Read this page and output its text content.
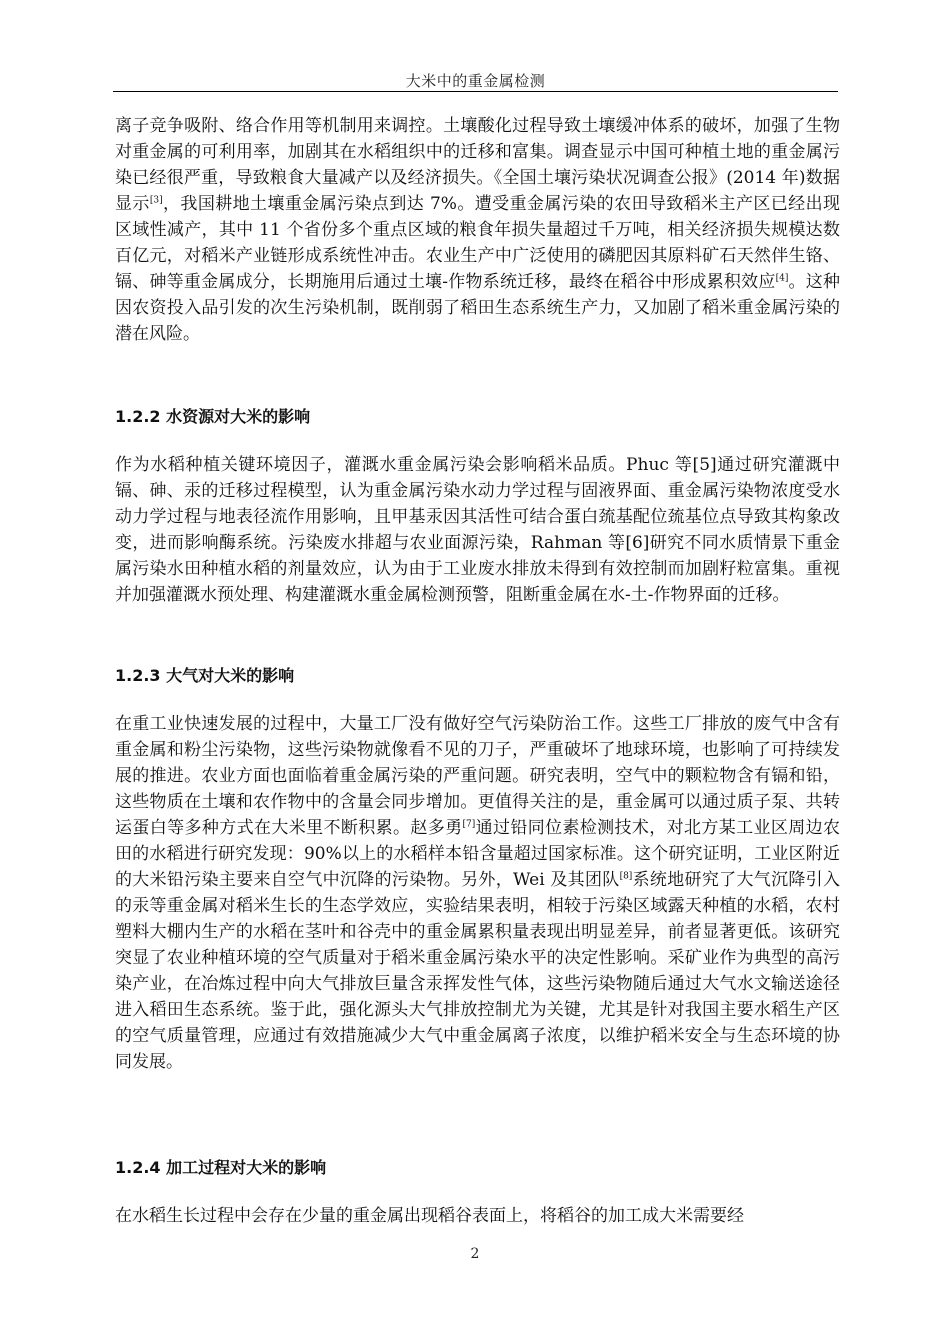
大米中的重金属检测

离子竞争吸附、络合作用等机制用来调控。土壤酸化过程导致土壤缓冲体系的破坏，加强了生物对重金属的可利用率，加剧其在水稻组织中的迁移和富集。调查显示中国可种植土地的重金属污染已经很严重，导致粮食大量减产以及经济损失。《全国土壤污染状况调查公报》(2014 年)数据显示[3]，我国耕地土壤重金属污染点到达 7%。遭受重金属污染的农田导致稻米主产区已经出现区域性减产，其中 11 个省份多个重点区域的粮食年损失量超过千万吨，相关经济损失规模达数百亿元，对稻米产业链形成系统性冲击。农业生产中广泛使用的磷肥因其原料矿石天然伴生铬、镉、砷等重金属成分，长期施用后通过土壤-作物系统迁移，最终在稻谷中形成累积效应[4]。这种因农资投入品引发的次生污染机制，既削弱了稻田生态系统生产力，又加剧了稻米重金属污染的潜在风险。

1.2.2 水资源对大米的影响

作为水稻种植关键环境因子，灌溉水重金属污染会影响稻米品质。Phuc 等[5]通过研究灌溉中镉、砷、汞的迁移过程模型，认为重金属污染水动力学过程与固液界面、重金属污染物浓度受水动力学过程与地表径流作用影响，且甲基汞因其活性可结合蛋白巯基配位巯基位点导致其构象改变，进而影响酶系统。污染废水排超与农业面源污染，Rahman 等[6]研究不同水质情景下重金属污染水田种植水稻的剂量效应，认为由于工业废水排放未得到有效控制而加剧籽粒富集。重视并加强灌溉水预处理、构建灌溉水重金属检测预警，阻断重金属在水-土-作物界面的迁移。

1.2.3 大气对大米的影响

在重工业快速发展的过程中，大量工厂没有做好空气污染防治工作。这些工厂排放的废气中含有重金属和粉尘污染物，这些污染物就像看不见的刀子，严重破坏了地球环境，也影响了可持续发展的推进。农业方面也面临着重金属污染的严重问题。研究表明，空气中的颗粒物含有镉和铅，这些物质在土壤和农作物中的含量会同步增加。更值得关注的是，重金属可以通过质子泵、共转运蛋白等多种方式在大米里不断积累。赵多勇[7]通过铅同位素检测技术，对北方某工业区周边农田的水稻进行研究发现：90%以上的水稻样本铅含量超过国家标准。这个研究证明，工业区附近的大米铅污染主要来自空气中沉降的污染物。另外，Wei 及其团队[8]系统地研究了大气沉降引入的汞等重金属对稻米生长的生态学效应，实验结果表明，相较于污染区域露天种植的水稻，农村塑料大棚内生产的水稻在茎叶和谷壳中的重金属累积量表现出明显差异，前者显著更低。该研究突显了农业种植环境的空气质量对于稻米重金属污染水平的决定性影响。采矿业作为典型的高污染产业，在冶炼过程中向大气排放巨量含汞挥发性气体，这些污染物随后通过大气水文输送途径进入稻田生态系统。鉴于此，强化源头大气排放控制尤为关键，尤其是针对我国主要水稻生产区的空气质量管理，应通过有效措施减少大气中重金属离子浓度，以维护稻米安全与生态环境的协同发展。

1.2.4 加工过程对大米的影响

在水稻生长过程中会存在少量的重金属出现稻谷表面上，将稻谷的加工成大米需要经

2
